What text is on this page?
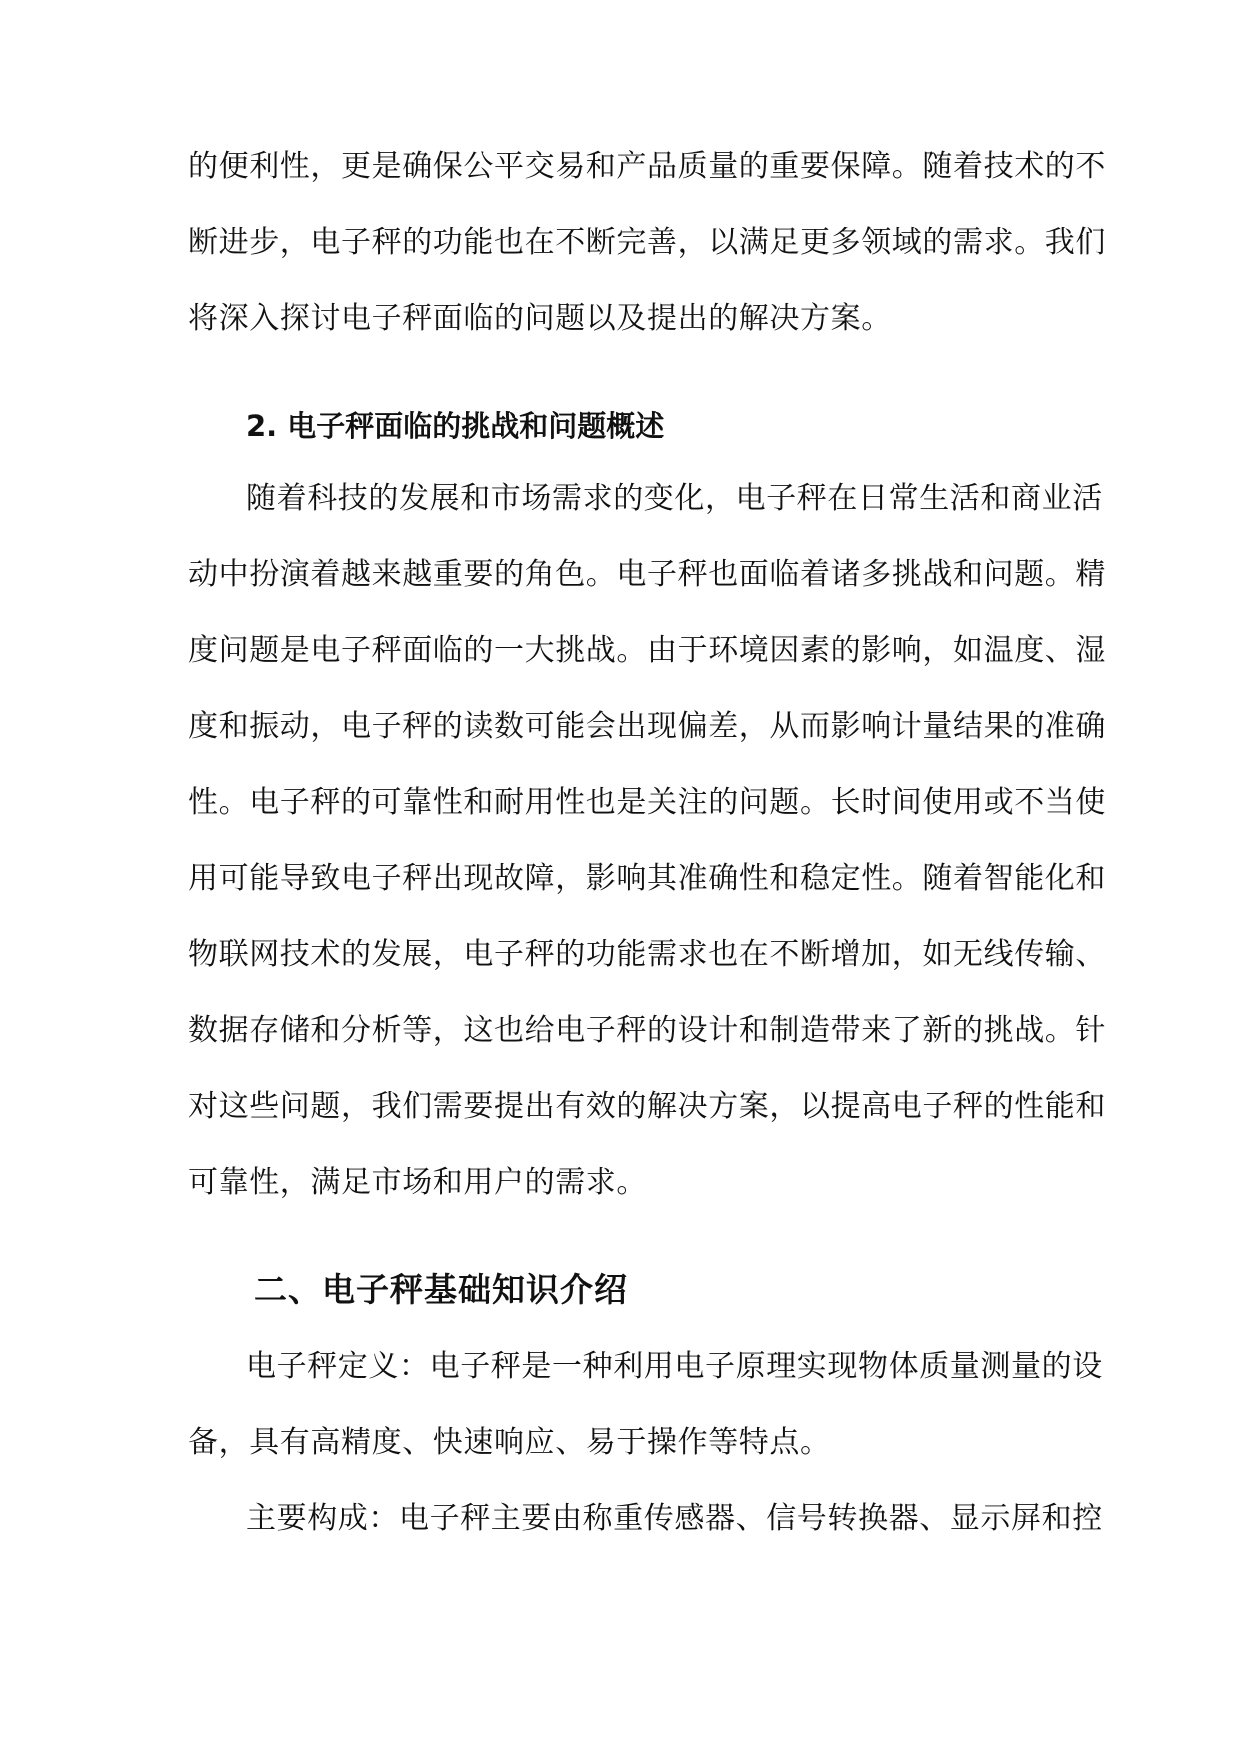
的便利性，更是确保公平交易和产品质量的重要保障。随着技术的不
断进步，电子秤的功能也在不断完善，以满足更多领域的需求。我们
将深入探讨电子秤面临的问题以及提出的解决方案。
2. 电子秤面临的挑战和问题概述
随着科技的发展和市场需求的变化，电子秤在日常生活和商业活
动中扮演着越来越重要的角色。电子秤也面临着诸多挑战和问题。精
度问题是电子秤面临的一大挑战。由于环境因素的影响，如温度、湿
度和振动，电子秤的读数可能会出现偏差，从而影响计量结果的准确
性。电子秤的可靠性和耐用性也是关注的问题。长时间使用或不当使
用可能导致电子秤出现故障，影响其准确性和稳定性。随着智能化和
物联网技术的发展，电子秤的功能需求也在不断增加，如无线传输、
数据存储和分析等，这也给电子秤的设计和制造带来了新的挑战。针
对这些问题，我们需要提出有效的解决方案，以提高电子秤的性能和
可靠性，满足市场和用户的需求。
二、电子秤基础知识介绍
电子秤定义：电子秤是一种利用电子原理实现物体质量测量的设
备，具有高精度、快速响应、易于操作等特点。
主要构成：电子秤主要由称重传感器、信号转换器、显示屏和控
